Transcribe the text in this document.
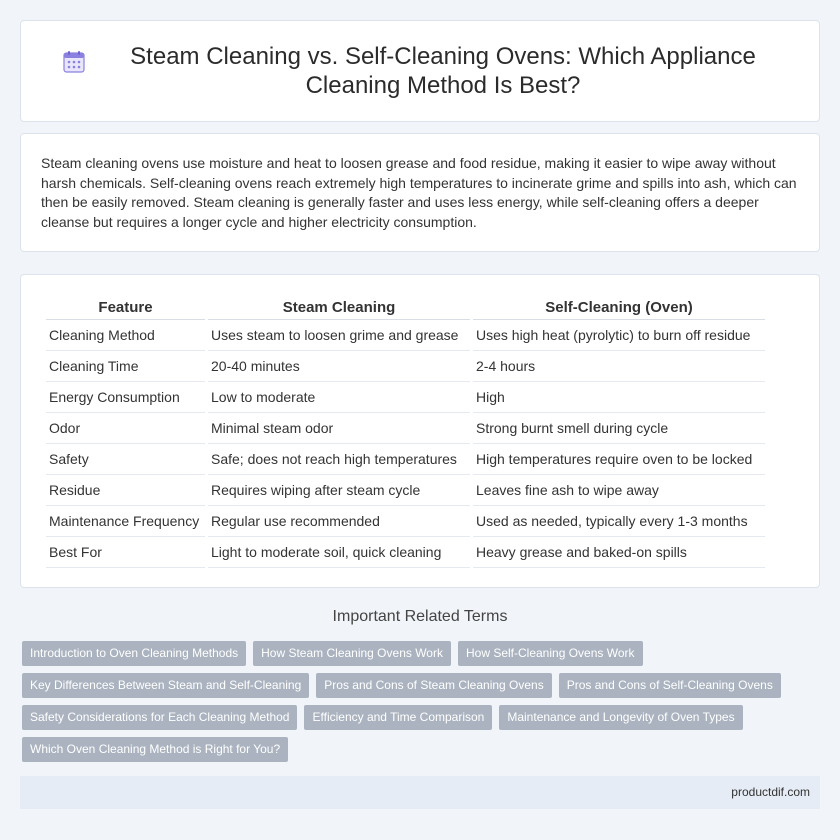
Steam Cleaning vs. Self-Cleaning Ovens: Which Appliance Cleaning Method Is Best?

Steam cleaning ovens use moisture and heat to loosen grease and food residue, making it easier to wipe away without harsh chemicals. Self-cleaning ovens reach extremely high temperatures to incinerate grime and spills into ash, which can then be easily removed. Steam cleaning is generally faster and uses less energy, while self-cleaning offers a deeper cleanse but requires a longer cycle and higher electricity consumption.

Feature	Steam Cleaning	Self-Cleaning (Oven)
Cleaning Method	Uses steam to loosen grime and grease	Uses high heat (pyrolytic) to burn off residue
Cleaning Time	20-40 minutes	2-4 hours
Energy Consumption	Low to moderate	High
Odor	Minimal steam odor	Strong burnt smell during cycle
Safety	Safe; does not reach high temperatures	High temperatures require oven to be locked
Residue	Requires wiping after steam cycle	Leaves fine ash to wipe away
Maintenance Frequency	Regular use recommended	Used as needed, typically every 1-3 months
Best For	Light to moderate soil, quick cleaning	Heavy grease and baked-on spills
Important Related Terms
Introduction to Oven Cleaning Methods	How Steam Cleaning Ovens Work	How Self-Cleaning Ovens Work
Key Differences Between Steam and Self-Cleaning	Pros and Cons of Steam Cleaning Ovens	Pros and Cons of Self-Cleaning Ovens
Safety Considerations for Each Cleaning Method	Efficiency and Time Comparison	Maintenance and Longevity of Oven Types
Which Oven Cleaning Method is Right for You?
productdif.com
